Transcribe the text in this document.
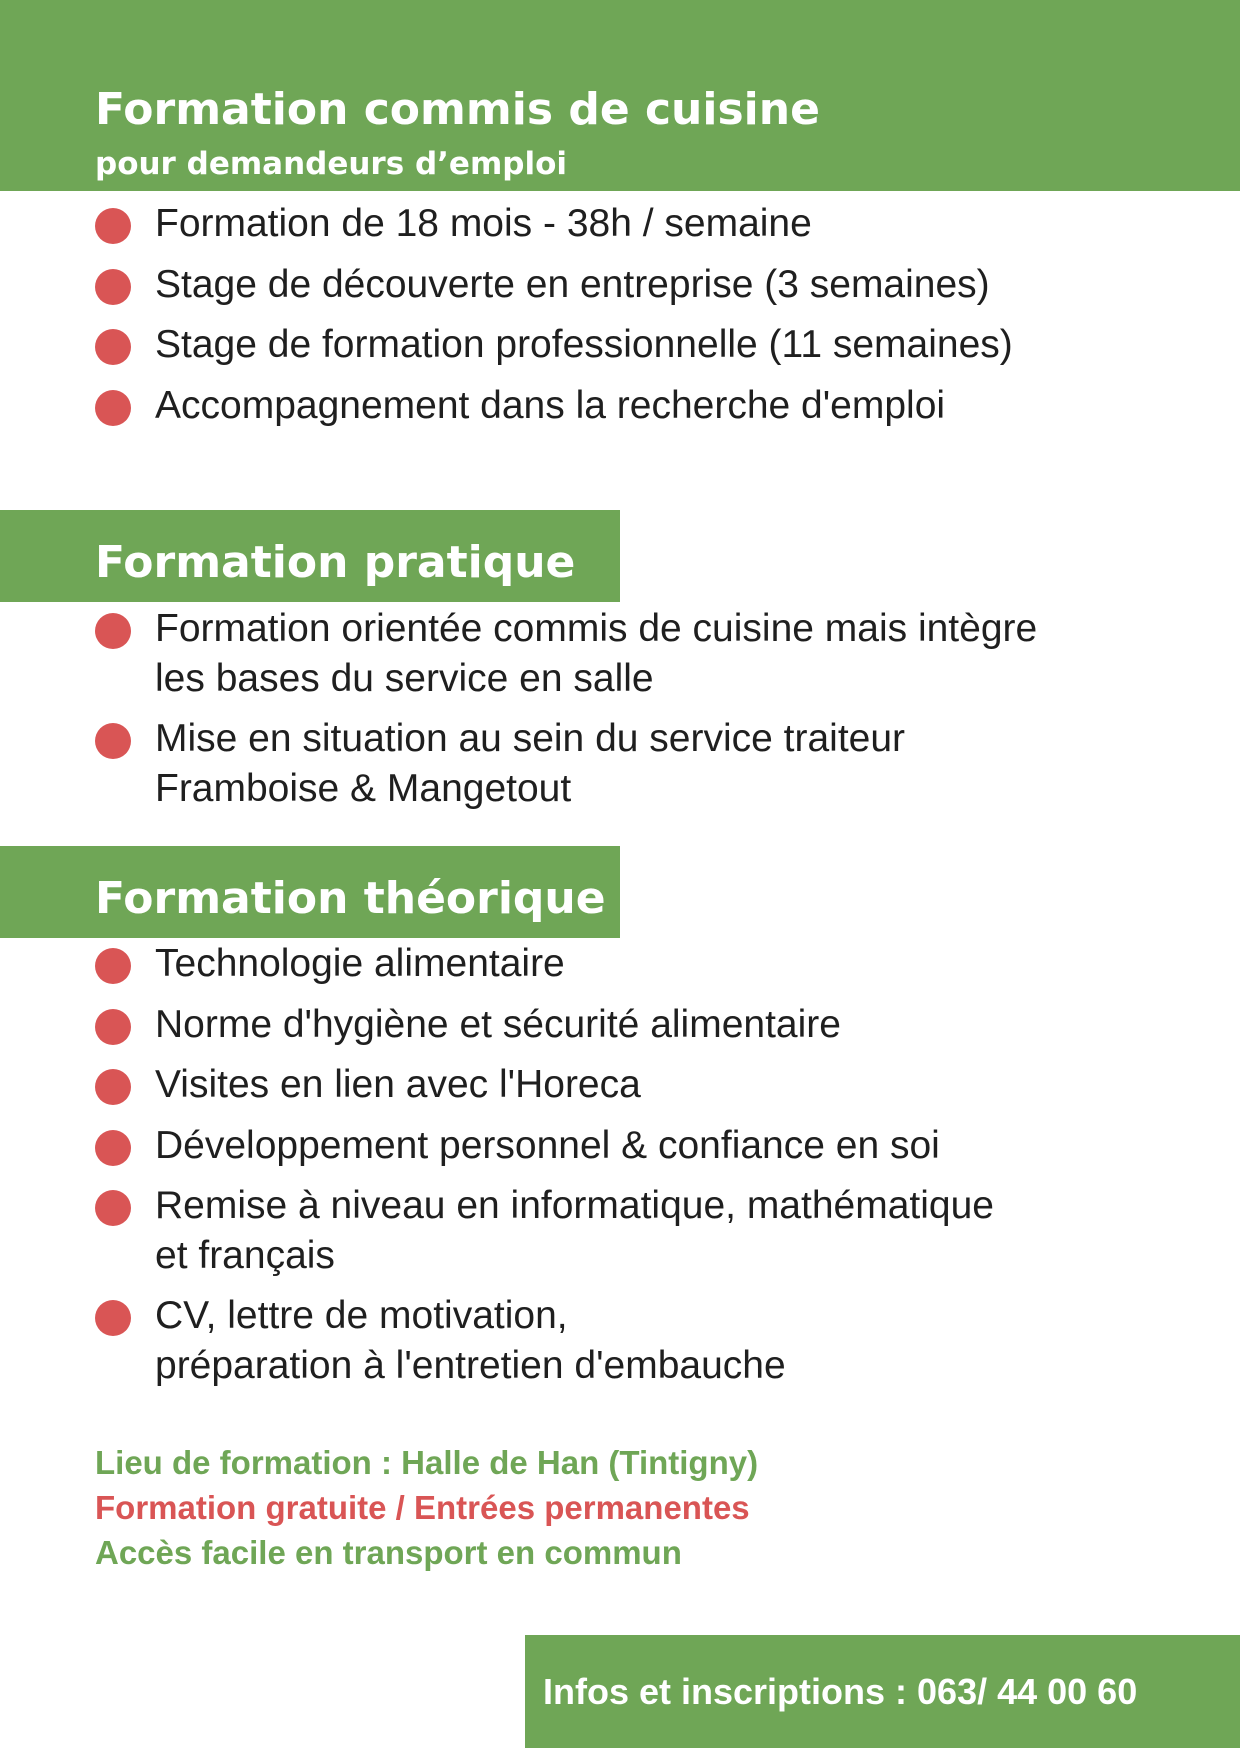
Formation commis de cuisine
pour demandeurs d’emploi
Formation de 18 mois - 38h / semaine
Stage de découverte en entreprise (3 semaines)
Stage de formation professionnelle (11 semaines)
Accompagnement dans la recherche d'emploi
Formation pratique
Formation orientée commis de cuisine mais intègre
les bases du service en salle
Mise en situation au sein du service traiteur
Framboise & Mangetout
Formation théorique
Technologie alimentaire
Norme d'hygiène et sécurité alimentaire
Visites en lien avec l'Horeca
Développement personnel & confiance en soi
Remise à niveau en informatique, mathématique
et français
CV, lettre de motivation,
préparation à l'entretien d'embauche

Lieu de formation : Halle de Han (Tintigny)

Formation gratuite / Entrées permanentes

Accès facile en transport en commun

Infos et inscriptions : 063/ 44 00 60
